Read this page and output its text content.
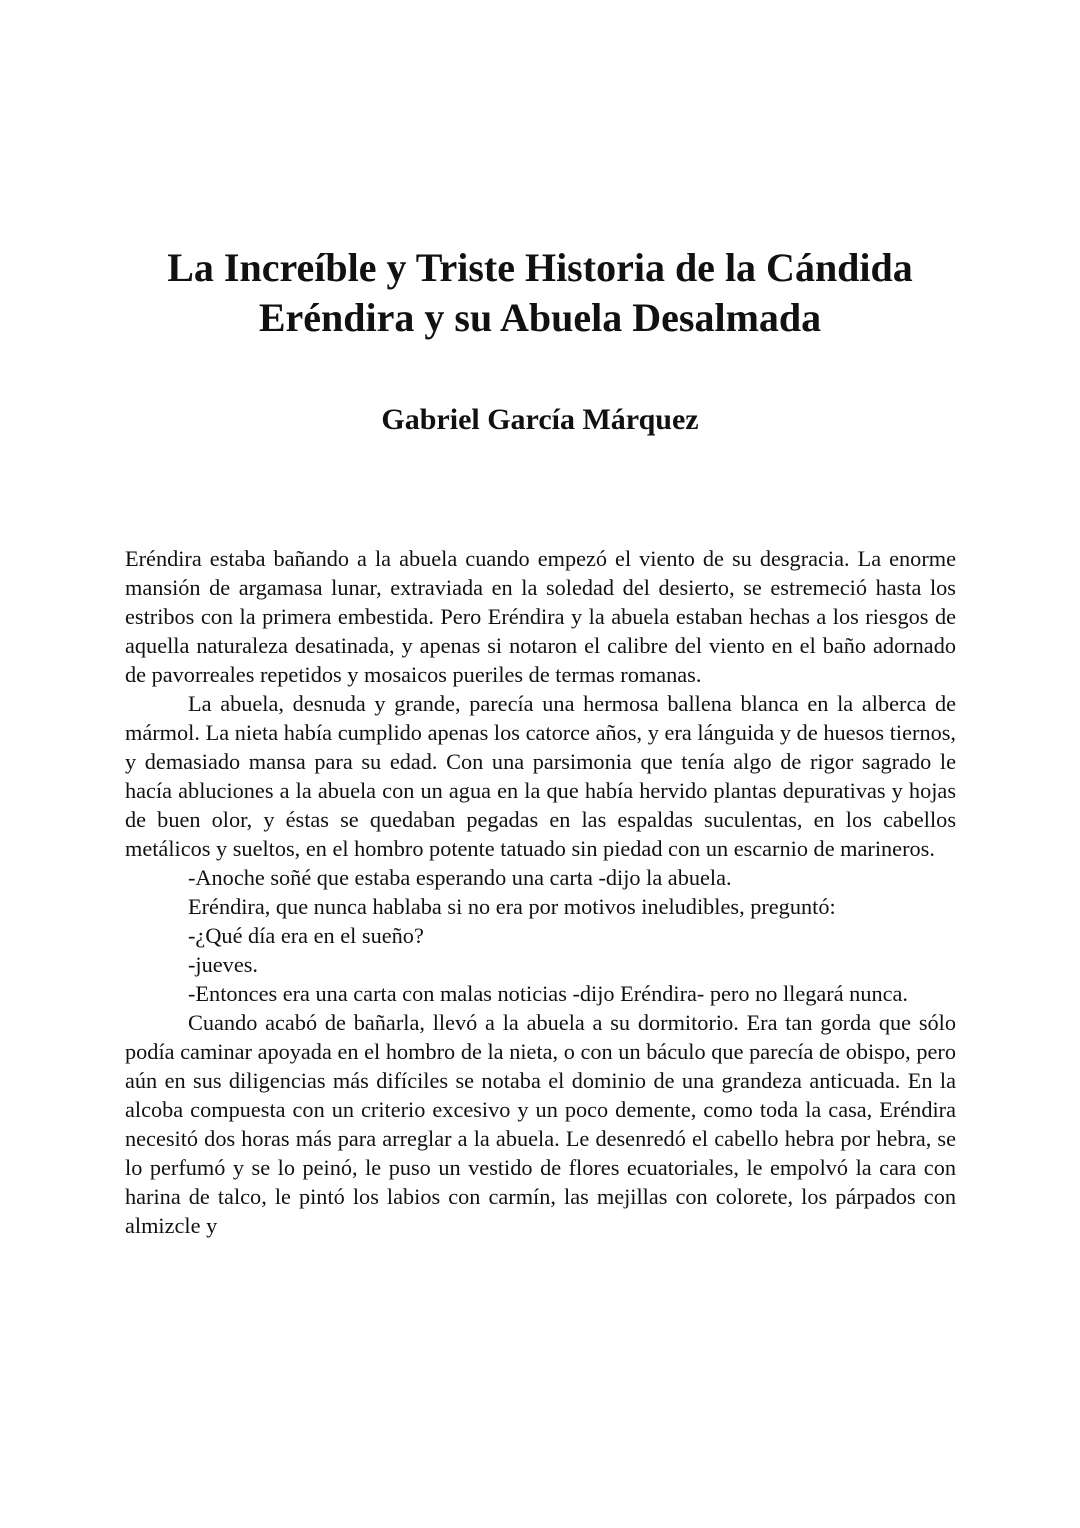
La Increíble y Triste Historia de la Cándida
Eréndira y su Abuela Desalmada
Gabriel García Márquez

Eréndira estaba bañando a la abuela cuando empezó el viento de su desgracia. La enorme mansión de argamasa lunar, extraviada en la soledad del desierto, se estremeció hasta los estribos con la primera embestida. Pero Eréndira y la abuela estaban hechas a los riesgos de aquella naturaleza desatinada, y apenas si notaron el calibre del viento en el baño adornado de pavorreales repetidos y mosaicos pueriles de termas romanas.

La abuela, desnuda y grande, parecía una hermosa ballena blanca en la alberca de mármol. La nieta había cumplido apenas los catorce años, y era lánguida y de huesos tiernos, y demasiado mansa para su edad. Con una parsimonia que tenía algo de rigor sagrado le hacía abluciones a la abuela con un agua en la que había hervido plantas depurativas y hojas de buen olor, y éstas se quedaban pegadas en las espaldas suculentas, en los cabellos metálicos y sueltos, en el hombro potente tatuado sin piedad con un escarnio de marineros.

-Anoche soñé que estaba esperando una carta -dijo la abuela.

Eréndira, que nunca hablaba si no era por motivos ineludibles, preguntó:

-¿Qué día era en el sueño?

-jueves.

-Entonces era una carta con malas noticias -dijo Eréndira- pero no llegará nunca.

Cuando acabó de bañarla, llevó a la abuela a su dormitorio. Era tan gorda que sólo podía caminar apoyada en el hombro de la nieta, o con un báculo que parecía de obispo, pero aún en sus diligencias más difíciles se notaba el dominio de una grandeza anticuada. En la alcoba compuesta con un criterio excesivo y un poco demente, como toda la casa, Eréndira necesitó dos horas más para arreglar a la abuela. Le desenredó el cabello hebra por hebra, se lo perfumó y se lo peinó, le puso un vestido de flores ecuatoriales, le empolvó la cara con harina de talco, le pintó los labios con carmín, las mejillas con colorete, los párpados con almizcle y
